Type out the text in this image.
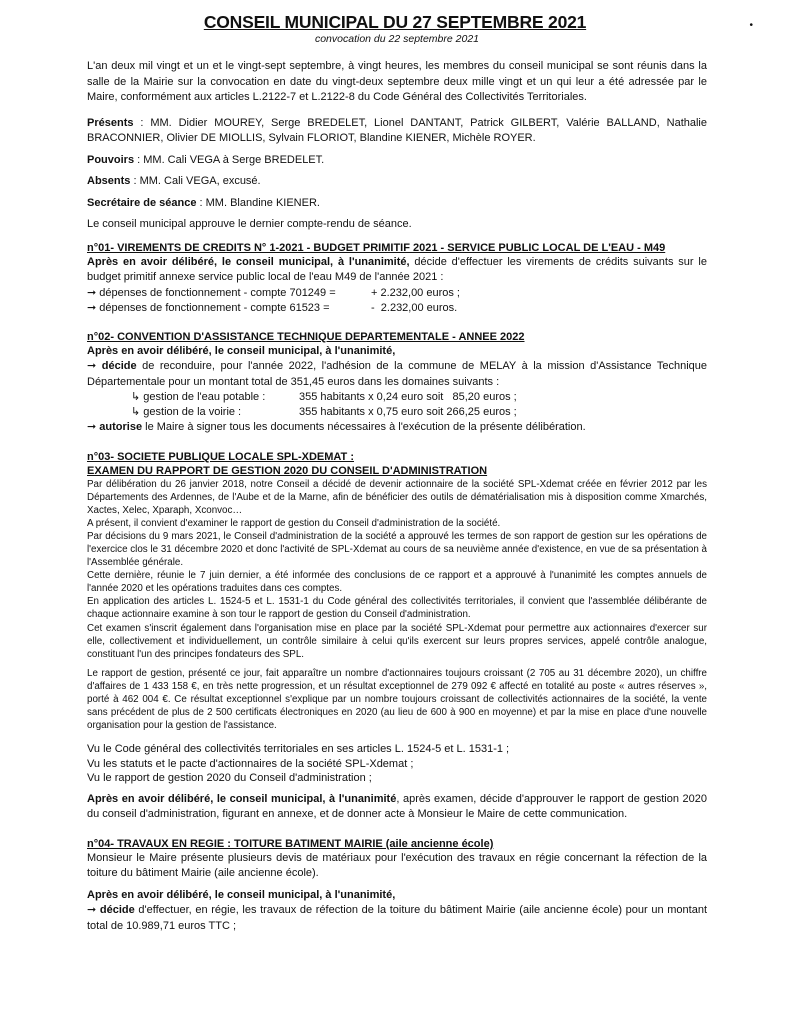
CONSEIL MUNICIPAL DU 27 SEPTEMBRE 2021	•
convocation du 22 septembre 2021

L'an deux mil vingt et un et le vingt-sept septembre, à vingt heures, les membres du conseil municipal se sont réunis dans la salle de la Mairie sur la convocation en date du vingt-deux septembre deux mille vingt et un qui leur a été adressée par le Maire, conformément aux articles L.2122-7 et L.2122-8 du Code Général des Collectivités Territoriales.

Présents : MM. Didier MOUREY, Serge BREDELET, Lionel DANTANT, Patrick GILBERT, Valérie BALLAND, Nathalie BRACONNIER, Olivier DE MIOLLIS, Sylvain FLORIOT, Blandine KIENER, Michèle ROYER.

Pouvoirs : MM. Cali VEGA à Serge BREDELET.

Absents : MM. Cali VEGA, excusé.

Secrétaire de séance : MM. Blandine KIENER.

Le conseil municipal approuve le dernier compte-rendu de séance.

n°01- VIREMENTS DE CREDITS N° 1-2021 - BUDGET PRIMITIF 2021 - SERVICE PUBLIC LOCAL DE L'EAU - M49

Après en avoir délibéré, le conseil municipal, à l'unanimité, décide d'effectuer les virements de crédits suivants sur le budget primitif annexe service public local de l'eau M49 de l'année 2021 :

➞ dépenses de fonctionnement - compte 701249 =	+ 2.232,00 euros ;
➞ dépenses de fonctionnement - compte 61523 =	-  2.232,00 euros.
n°02- CONVENTION D'ASSISTANCE TECHNIQUE DEPARTEMENTALE - ANNEE 2022

Après en avoir délibéré, le conseil municipal, à l'unanimité,

➞ décide de reconduire, pour l'année 2022, l'adhésion de la commune de MELAY à la mission d'Assistance Technique Départementale pour un montant total de 351,45 euros dans les domaines suivants :

↳ gestion de l'eau potable :	355 habitants x 0,24 euro soit 85,20 euros ;
↳ gestion de la voirie :	355 habitants x 0,75 euro soit 266,25 euros ;

➞ autorise le Maire à signer tous les documents nécessaires à l'exécution de la présente délibération.

n°03- SOCIETE PUBLIQUE LOCALE SPL-XDEMAT :
EXAMEN DU RAPPORT DE GESTION 2020 DU CONSEIL D'ADMINISTRATION

Par délibération du 26 janvier 2018, notre Conseil a décidé de devenir actionnaire de la société SPL-Xdemat créée en février 2012 par les Départements des Ardennes, de l'Aube et de la Marne, afin de bénéficier des outils de dématérialisation mis à disposition comme Xmarchés, Xactes, Xelec, Xparaph, Xconvoc…

A présent, il convient d'examiner le rapport de gestion du Conseil d'administration de la société.

Par décisions du 9 mars 2021, le Conseil d'administration de la société a approuvé les termes de son rapport de gestion sur les opérations de l'exercice clos le 31 décembre 2020 et donc l'activité de SPL-Xdemat au cours de sa neuvième année d'existence, en vue de sa présentation à l'Assemblée générale.

Cette dernière, réunie le 7 juin dernier, a été informée des conclusions de ce rapport et a approuvé à l'unanimité les comptes annuels de l'année 2020 et les opérations traduites dans ces comptes.

En application des articles L. 1524-5 et L. 1531-1 du Code général des collectivités territoriales, il convient que l'assemblée délibérante de chaque actionnaire examine à son tour le rapport de gestion du Conseil d'administration.

Cet examen s'inscrit également dans l'organisation mise en place par la société SPL-Xdemat pour permettre aux actionnaires d'exercer sur elle, collectivement et individuellement, un contrôle similaire à celui qu'ils exercent sur leurs propres services, appelé contrôle analogue, constituant l'un des principes fondateurs des SPL.

Le rapport de gestion, présenté ce jour, fait apparaître un nombre d'actionnaires toujours croissant (2 705 au 31 décembre 2020), un chiffre d'affaires de 1 433 158 €, en très nette progression, et un résultat exceptionnel de 279 092 € affecté en totalité au poste « autres réserves », porté à 462 004 €. Ce résultat exceptionnel s'explique par un nombre toujours croissant de collectivités actionnaires de la société, la vente sans précédent de plus de 2 500 certificats électroniques en 2020 (au lieu de 600 à 900 en moyenne) et par la mise en place d'une nouvelle organisation pour la gestion de l'assistance.

Vu le Code général des collectivités territoriales en ses articles L. 1524-5 et L. 1531-1 ;

Vu les statuts et le pacte d'actionnaires de la société SPL-Xdemat ;

Vu le rapport de gestion 2020 du Conseil d'administration ;

Après en avoir délibéré, le conseil municipal, à l'unanimité, après examen, décide d'approuver le rapport de gestion 2020 du conseil d'administration, figurant en annexe, et de donner acte à Monsieur le Maire de cette communication.

n°04- TRAVAUX EN REGIE : TOITURE BATIMENT MAIRIE (aile ancienne école)

Monsieur le Maire présente plusieurs devis de matériaux pour l'exécution des travaux en régie concernant la réfection de la toiture du bâtiment Mairie (aile ancienne école).

Après en avoir délibéré, le conseil municipal, à l'unanimité,

➞ décide d'effectuer, en régie, les travaux de réfection de la toiture du bâtiment Mairie (aile ancienne école) pour un montant total de 10.989,71 euros TTC ;
